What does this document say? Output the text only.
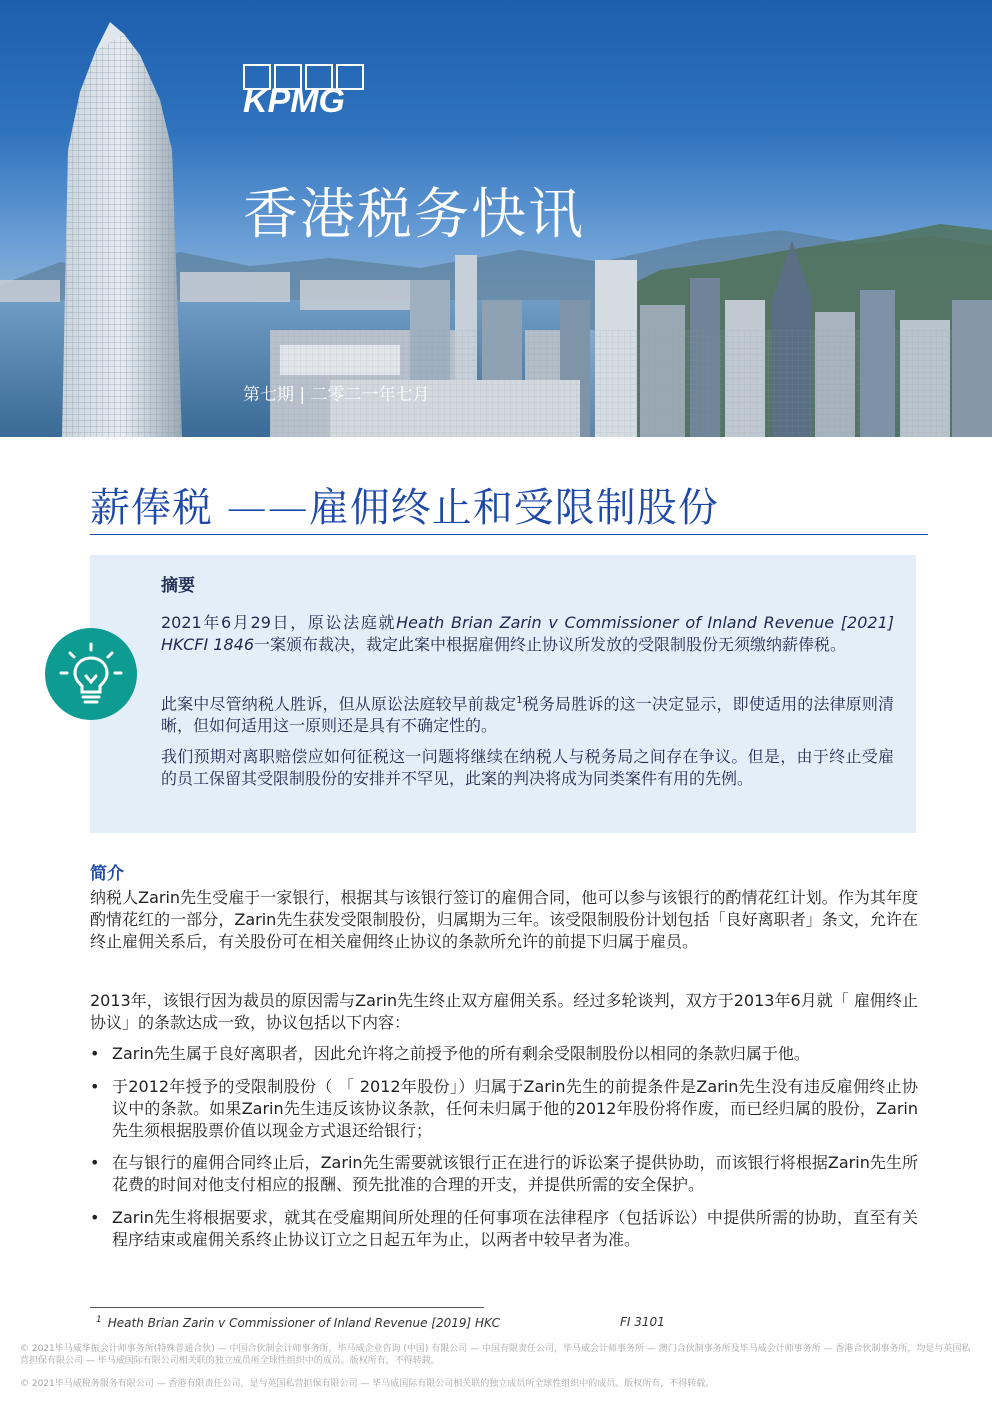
KPMG
香港税务快讯
第七期 | 二零二一年七月
薪俸税 ——雇佣终止和受限制股份
摘要

2021年6月29日，原讼法庭就Heath Brian Zarin v Commissioner of Inland Revenue [2021] HKCFI 1846一案颁布裁决，裁定此案中根据雇佣终止协议所发放的受限制股份无须缴纳薪俸税。

此案中尽管纳税人胜诉，但从原讼法庭较早前裁定$^1$税务局胜诉的这一决定显示，即使适用的法律原则清晰，但如何适用这一原则还是具有不确定性的。

我们预期对离职赔偿应如何征税这一问题将继续在纳税人与税务局之间存在争议。但是，由于终止受雇的员工保留其受限制股份的安排并不罕见，此案的判决将成为同类案件有用的先例。

简介

纳税人Zarin先生受雇于一家银行，根据其与该银行签订的雇佣合同，他可以参与该银行的酌情花红计划。作为其年度酌情花红的一部分，Zarin先生获发受限制股份，归属期为三年。该受限制股份计划包括「良好离职者」条文，允许在终止雇佣关系后，有关股份可在相关雇佣终止协议的条款所允许的前提下归属于雇员。

2013年，该银行因为裁员的原因需与Zarin先生终止双方雇佣关系。经过多轮谈判，双方于2013年6月就「 雇佣终止协议」的条款达成一致，协议包括以下内容：

• Zarin先生属于良好离职者，因此允许将之前授予他的所有剩余受限制股份以相同的条款归属于他。
• 于2012年授予的受限制股份（ 「 2012年股份」）归属于Zarin先生的前提条件是Zarin先生没有违反雇佣终止协议中的条款。如果Zarin先生违反该协议条款，任何未归属于他的2012年股份将作废，而已经归属的股份，Zarin先生须根据股票价值以现金方式退还给银行；
• 在与银行的雇佣合同终止后，Zarin先生需要就该银行正在进行的诉讼案子提供协助，而该银行将根据Zarin先生所花费的时间对他支付相应的报酬、预先批准的合理的开支，并提供所需的安全保护。
• Zarin先生将根据要求，就其在受雇期间所处理的任何事项在法律程序（包括诉讼）中提供所需的协助，直至有关程序结束或雇佣关系终止协议订立之日起五年为止，以两者中较早者为准。
$^1$ Heath Brian Zarin v Commissioner of Inland Revenue [2019] HKC	FI 3101
© 2021毕马威华振会计师事务所(特殊普通合伙) — 中国合伙制会计师事务所，毕马威企业咨询 (中国) 有限公司 — 中国有限责任公司，毕马威会计师事务所 — 澳门合伙制事务所及毕马威会计师事务所 — 香港合伙制事务所，均是与英国私营担保有限公司 — 毕马威国际有限公司相关联的独立成员所全球性组织中的成员。版权所有，不得转载。
© 2021毕马威税务服务有限公司 — 香港有限责任公司，是与英国私营担保有限公司 — 毕马威国际有限公司相关联的独立成员所全球性组织中的成员。版权所有，不得转载。
